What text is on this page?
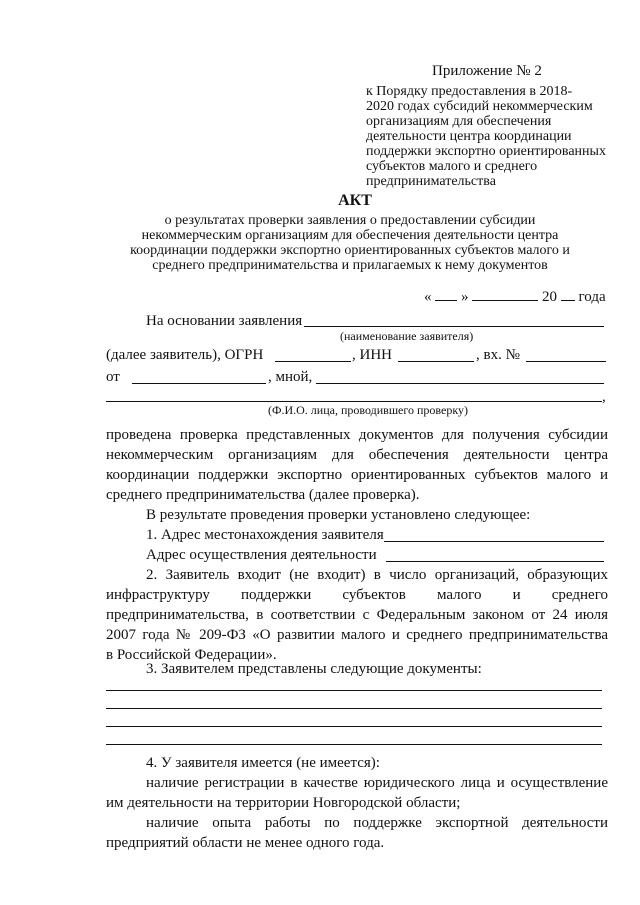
Приложение № 2
к Порядку предоставления в 2018-
2020 годах субсидий некоммерческим
организациям для обеспечения
деятельности центра координации
поддержки экспортно ориентированных
субъектов малого и среднего
предпринимательства
АКТ
о результатах проверки заявления о предоставлении субсидии
некоммерческим организациям для обеспечения деятельности центра
координации поддержки экспортно ориентированных субъектов малого и
среднего предпринимательства и прилагаемых к нему документов
« »	20 года
На основании заявления
(наименование заявителя)
(далее заявитель), ОГРН	, ИНН	, вх. №
от	, мной,
,
(Ф.И.О. лица, проводившего проверку)
проведена проверка представленных документов для получения субсидии
некоммерческим организациям для обеспечения деятельности центра
координации поддержки экспортно ориентированных субъектов малого и
среднего предпринимательства (далее проверка).
В результате проведения проверки установлено следующее:
1. Адрес местонахождения заявителя
Адрес осуществления деятельности
2. Заявитель входит (не входит) в число организаций, образующих
инфраструктуру поддержки субъектов малого и среднего
предпринимательства, в соответствии с Федеральным законом от 24 июля
2007 года № 209-ФЗ «О развитии малого и среднего предпринимательства
в Российской Федерации».
3. Заявителем представлены следующие документы:
4. У заявителя имеется (не имеется):
наличие регистрации в качестве юридического лица и осуществление
им деятельности на территории Новгородской области;
наличие опыта работы по поддержке экспортной деятельности
предприятий области не менее одного года.
